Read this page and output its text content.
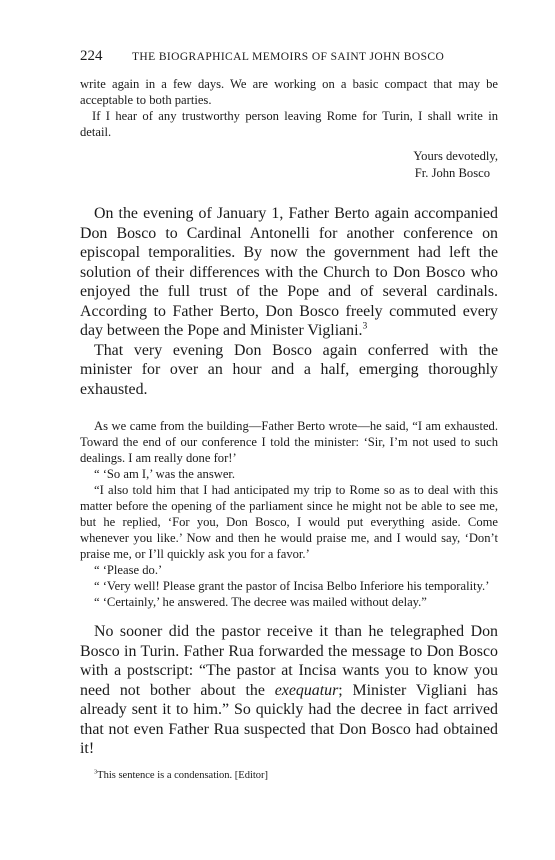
224	THE BIOGRAPHICAL MEMOIRS OF SAINT JOHN BOSCO

write again in a few days. We are working on a basic compact that may be acceptable to both parties.

If I hear of any trustworthy person leaving Rome for Turin, I shall write in detail.

Yours devotedly,
Fr. John Bosco

On the evening of January 1, Father Berto again accompanied Don Bosco to Cardinal Antonelli for another conference on episcopal temporalities. By now the government had left the solution of their differences with the Church to Don Bosco who enjoyed the full trust of the Pope and of several cardinals. According to Father Berto, Don Bosco freely commuted every day between the Pope and Minister Vigliani.$^3$

That very evening Don Bosco again conferred with the minister for over an hour and a half, emerging thoroughly exhausted.

As we came from the building—Father Berto wrote—he said, “I am exhausted. Toward the end of our conference I told the minister: ‘Sir, I’m not used to such dealings. I am really done for!’

“ ‘So am I,’ was the answer.

“I also told him that I had anticipated my trip to Rome so as to deal with this matter before the opening of the parliament since he might not be able to see me, but he replied, ‘For you, Don Bosco, I would put everything aside. Come whenever you like.’ Now and then he would praise me, and I would say, ‘Don’t praise me, or I’ll quickly ask you for a favor.’

“ ‘Please do.’

“ ‘Very well! Please grant the pastor of Incisa Belbo Inferiore his temporality.’

“ ‘Certainly,’ he answered. The decree was mailed without delay.”

No sooner did the pastor receive it than he telegraphed Don Bosco in Turin. Father Rua forwarded the message to Don Bosco with a postscript: “The pastor at Incisa wants you to know you need not bother about the exequatur; Minister Vigliani has already sent it to him.” So quickly had the decree in fact arrived that not even Father Rua suspected that Don Bosco had obtained it!

$^3$This sentence is a condensation. [Editor]
